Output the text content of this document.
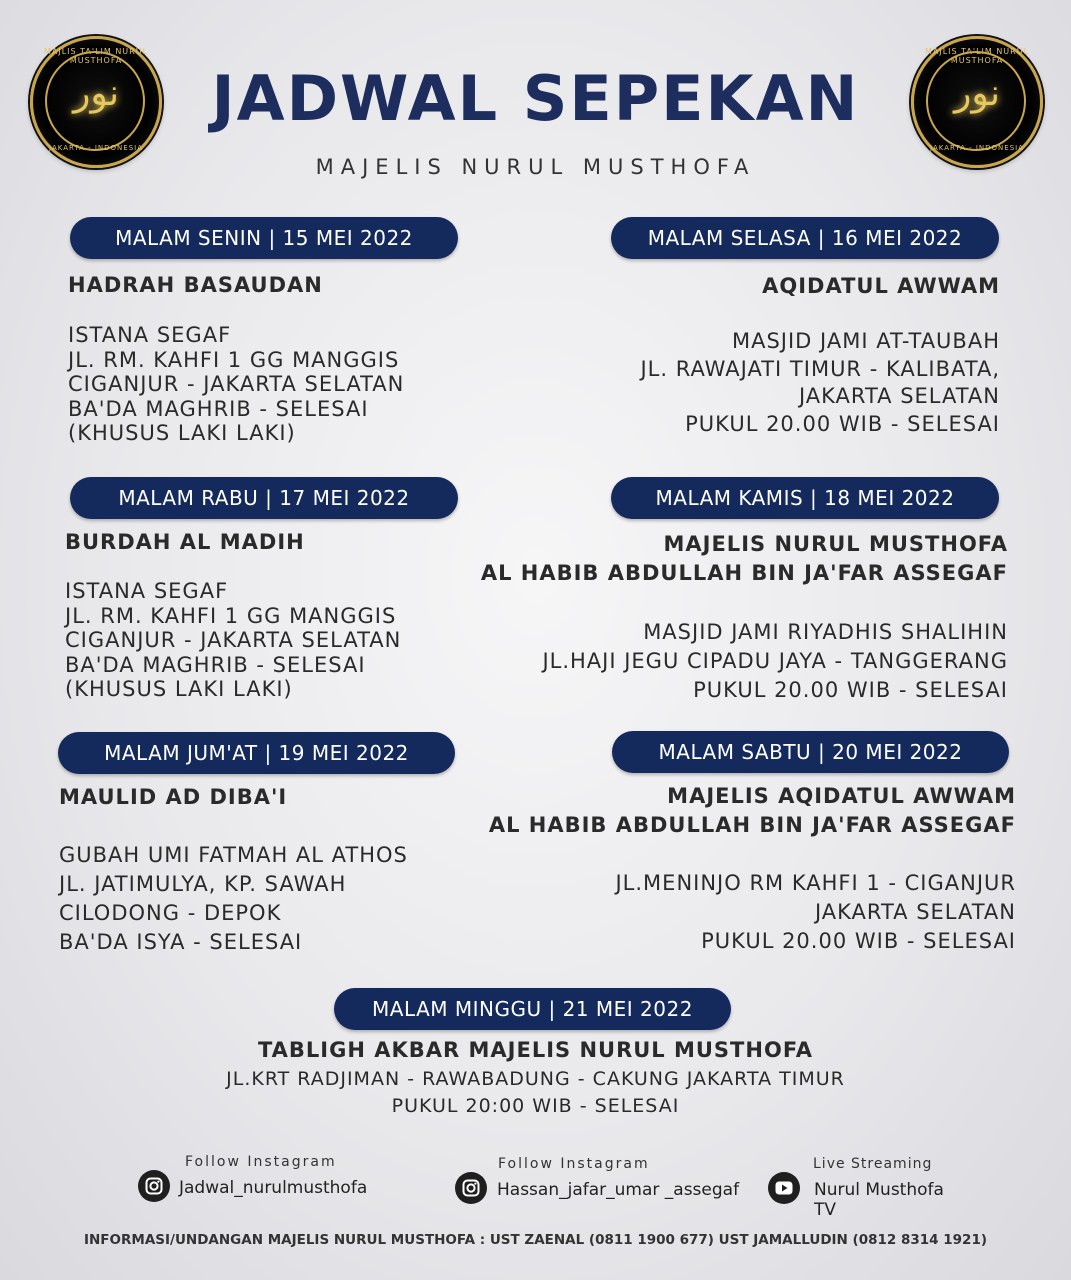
MAJLIS TA'LIM NURUL MUSTHOFA
نور
JAKARTA - INDONESIA
MAJLIS TA'LIM NURUL MUSTHOFA
نور
JAKARTA - INDONESIA
JADWAL SEPEKAN
MAJELIS NURUL MUSTHOFA
MALAM SENIN | 15 MEI 2022
HADRAH BASAUDAN
ISTANA SEGAF
JL. RM. KAHFI 1 GG MANGGIS
CIGANJUR - JAKARTA SELATAN
BA'DA MAGHRIB - SELESAI
(KHUSUS LAKI LAKI)
MALAM SELASA | 16 MEI 2022
AQIDATUL AWWAM
MASJID JAMI AT-TAUBAH
JL. RAWAJATI TIMUR - KALIBATA,
JAKARTA SELATAN
PUKUL 20.00 WIB - SELESAI
MALAM RABU | 17 MEI 2022
BURDAH AL MADIH
ISTANA SEGAF
JL. RM. KAHFI 1 GG MANGGIS
CIGANJUR - JAKARTA SELATAN
BA'DA MAGHRIB - SELESAI
(KHUSUS LAKI LAKI)
MALAM KAMIS | 18 MEI 2022
MAJELIS NURUL MUSTHOFA
AL HABIB ABDULLAH BIN JA'FAR ASSEGAF
MASJID JAMI RIYADHIS SHALIHIN
JL.HAJI JEGU CIPADU JAYA - TANGGERANG
PUKUL 20.00 WIB - SELESAI
MALAM JUM'AT | 19 MEI 2022
MAULID AD DIBA'I
GUBAH UMI FATMAH AL ATHOS
JL. JATIMULYA, KP. SAWAH
CILODONG - DEPOK
BA'DA ISYA - SELESAI
MALAM SABTU | 20 MEI 2022
MAJELIS AQIDATUL AWWAM
AL HABIB ABDULLAH BIN JA'FAR ASSEGAF
JL.MENINJO RM KAHFI 1 - CIGANJUR
JAKARTA SELATAN
PUKUL 20.00 WIB - SELESAI
MALAM MINGGU | 21 MEI 2022
TABLIGH AKBAR MAJELIS NURUL MUSTHOFA
JL.KRT RADJIMAN - RAWABADUNG - CAKUNG JAKARTA TIMUR
PUKUL 20:00 WIB - SELESAI
Follow Instagram
Jadwal_nurulmusthofa
Follow Instagram
Hassan_jafar_umar _assegaf
Live Streaming
Nurul Musthofa TV
INFORMASI/UNDANGAN MAJELIS NURUL MUSTHOFA : UST ZAENAL (0811 1900 677) UST JAMALLUDIN (0812 8314 1921)
